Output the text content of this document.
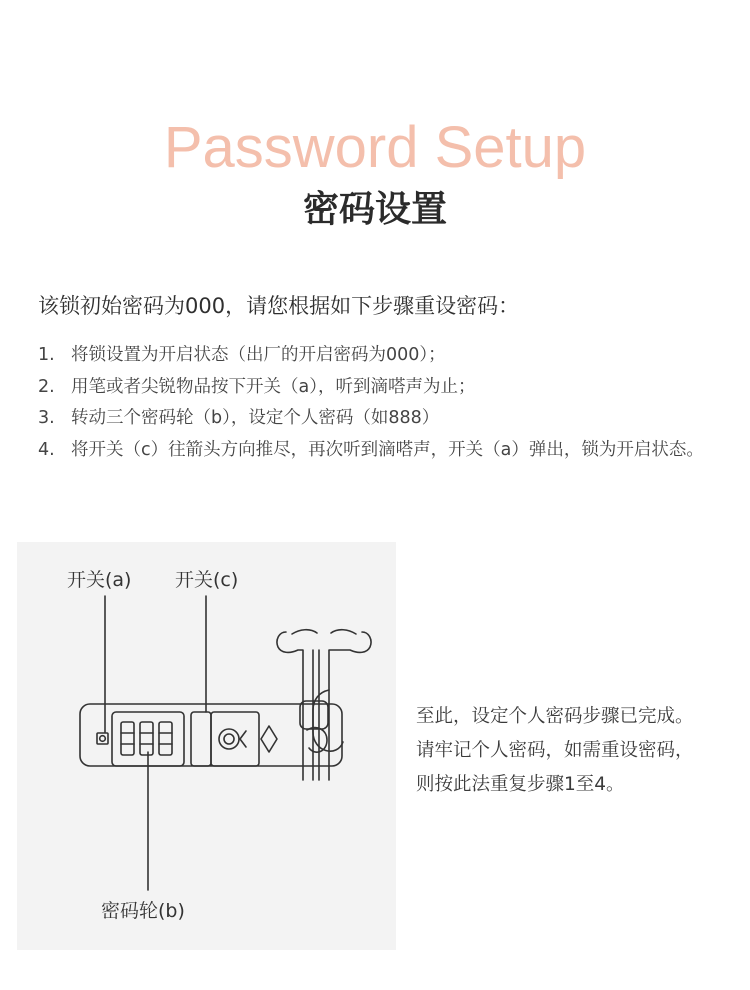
Password Setup
密码设置
该锁初始密码为000，请您根据如下步骤重设密码：
1. 将锁设置为开启状态（出厂的开启密码为000）；
2. 用笔或者尖锐物品按下开关（a），听到滴嗒声为止；
3. 转动三个密码轮（b），设定个人密码（如888）
4. 将开关（c）往箭头方向推尽，再次听到滴嗒声，开关（a）弹出，锁为开启状态。
开关(a) 开关(c)
密码轮(b)
至此，设定个人密码步骤已完成。
请牢记个人密码，如需重设密码，
则按此法重复步骤1至4。
